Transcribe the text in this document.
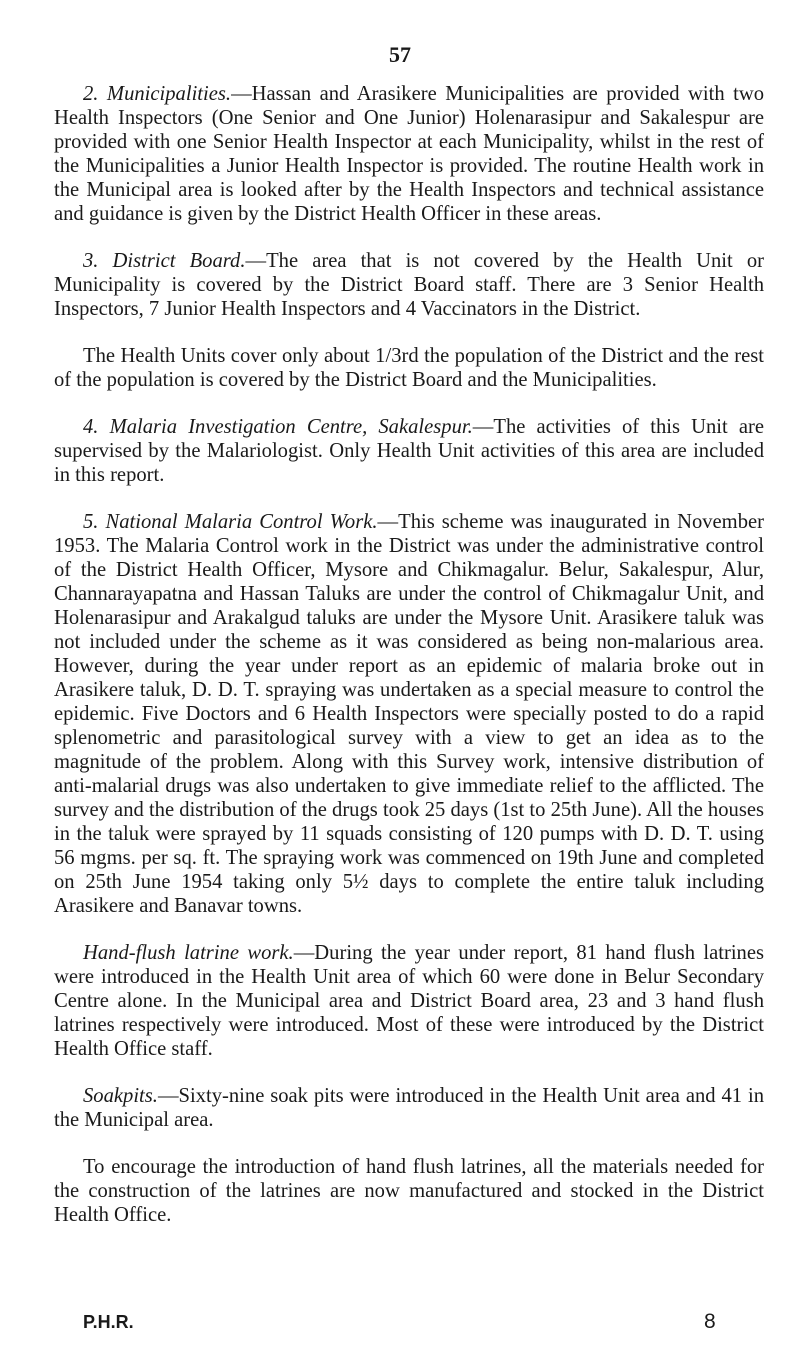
57

2. Municipalities.—Hassan and Arasikere Municipalities are provided with two Health Inspectors (One Senior and One Junior) Holenarasipur and Sakalespur are provided with one Senior Health Inspector at each Municipality, whilst in the rest of the Municipalities a Junior Health Inspector is provided. The routine Health work in the Municipal area is looked after by the Health Inspectors and technical assistance and guidance is given by the District Health Officer in these areas.

3. District Board.—The area that is not covered by the Health Unit or Municipality is covered by the District Board staff. There are 3 Senior Health Inspectors, 7 Junior Health Inspectors and 4 Vaccinators in the District.

The Health Units cover only about 1/3rd the population of the District and the rest of the population is covered by the District Board and the Municipalities.

4. Malaria Investigation Centre, Sakalespur.—The activities of this Unit are supervised by the Malariologist. Only Health Unit activities of this area are included in this report.

5. National Malaria Control Work.—This scheme was inaugurated in November 1953. The Malaria Control work in the District was under the administrative control of the District Health Officer, Mysore and Chikmagalur. Belur, Sakalespur, Alur, Channarayapatna and Hassan Taluks are under the control of Chikmagalur Unit, and Holenarasipur and Arakalgud taluks are under the Mysore Unit. Arasikere taluk was not included under the scheme as it was considered as being non-malarious area. However, during the year under report as an epidemic of malaria broke out in Arasikere taluk, D. D. T. spraying was undertaken as a special measure to control the epidemic. Five Doctors and 6 Health Inspectors were specially posted to do a rapid splenometric and parasitological survey with a view to get an idea as to the magnitude of the problem. Along with this Survey work, intensive distribution of anti-malarial drugs was also undertaken to give immediate relief to the afflicted. The survey and the distribution of the drugs took 25 days (1st to 25th June). All the houses in the taluk were sprayed by 11 squads consisting of 120 pumps with D. D. T. using 56 mgms. per sq. ft. The spraying work was commenced on 19th June and completed on 25th June 1954 taking only 5½ days to complete the entire taluk including Arasikere and Banavar towns.

Hand-flush latrine work.—During the year under report, 81 hand flush latrines were introduced in the Health Unit area of which 60 were done in Belur Secondary Centre alone. In the Municipal area and District Board area, 23 and 3 hand flush latrines respectively were introduced. Most of these were introduced by the District Health Office staff.

Soakpits.—Sixty-nine soak pits were introduced in the Health Unit area and 41 in the Municipal area.

To encourage the introduction of hand flush latrines, all the materials needed for the construction of the latrines are now manufactured and stocked in the District Health Office.

P.H.R.	8
